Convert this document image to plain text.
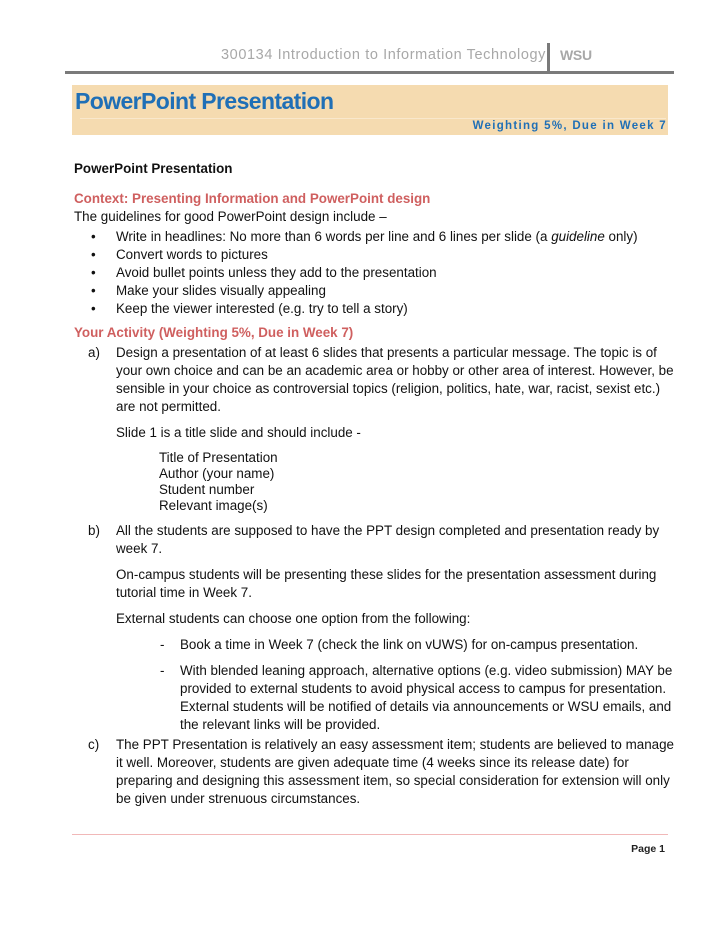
300134 Introduction to Information Technology WSU
PowerPoint Presentation
Weighting 5%, Due in Week 7

PowerPoint Presentation

Context: Presenting Information and PowerPoint design

The guidelines for good PowerPoint design include –

• Write in headlines: No more than 6 words per line and 6 lines per slide (a guideline only)
• Convert words to pictures
• Avoid bullet points unless they add to the presentation
• Make your slides visually appealing
• Keep the viewer interested (e.g. try to tell a story)

Your Activity (Weighting 5%, Due in Week 7)

a) Design a presentation of at least 6 slides that presents a particular message. The topic is of your own choice and can be an academic area or hobby or other area of interest. However, be sensible in your choice as controversial topics (religion, politics, hate, war, racist, sexist etc.) are not permitted.

Slide 1 is a title slide and should include -

Title of Presentation
Author (your name)
Student number
Relevant image(s)
b) All the students are supposed to have the PPT design completed and presentation ready by week 7.

On-campus students will be presenting these slides for the presentation assessment during tutorial time in Week 7.

External students can choose one option from the following:

- Book a time in Week 7 (check the link on vUWS) for on-campus presentation.
- With blended leaning approach, alternative options (e.g. video submission) MAY be provided to external students to avoid physical access to campus for presentation. External students will be notified of details via announcements or WSU emails, and the relevant links will be provided.
c) The PPT Presentation is relatively an easy assessment item; students are believed to manage it well. Moreover, students are given adequate time (4 weeks since its release date) for preparing and designing this assessment item, so special consideration for extension will only be given under strenuous circumstances.

Page 1
